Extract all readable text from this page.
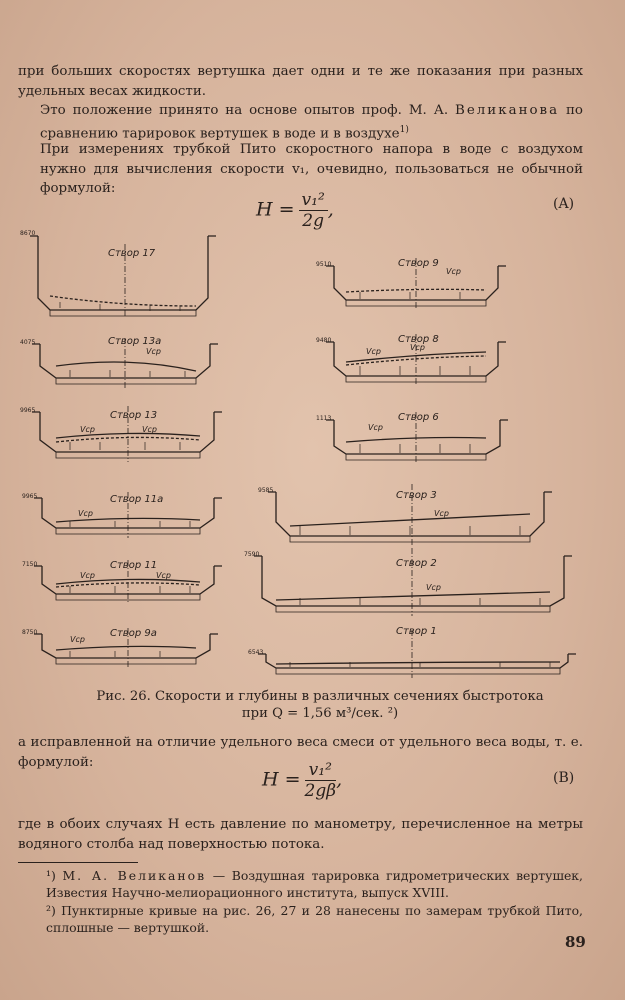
при больших скоростях вертушка дает одни и те же показания при разных удельных весах жидкости.
Это положение принято на основе опытов проф. М. А. Великанова по сравнению тарировок вертушек в воде и в воздухе$^{1)}$
При измерениях трубкой Пито скоростного напора в воде с воздухом нужно для вычисления скорости v₁, очевидно, пользоваться не обычной формулой:
$H = \frac{\text{v₁²}}{2g}$ ,	(A)
Створ 17
Створ 13а
Створ 13
Створ 11а
Створ 11
Створ 9а
Створ 9
Створ 8
Створ 6
Створ 3
Створ 2
Створ 1
Vср
Vср	Vср
Vср
Vср	Vср
Vср
Vср
Vср	Vср
Vср
Vср
Vср
8670
4075
9965
9965
7150
8750
9510
9480
1113
9585
7590
6543
Рис. 26. Скорости и глубины в различных сечениях быстротока
при Q = 1,56 м³/сек. ²)
а исправленной на отличие удельного веса смеси от удельного веса воды, т. е. формулой:
$H = \frac{\text{v₁²}}{2g\beta}$ ,	(B)
где в обоих случаях H есть давление по манометру, перечисленное на метры водяного столба над поверхностью потока.
¹) М. А. Великанов — Воздушная тарировка гидрометрических вертушек, Известия Научно-мелиорационного института, выпуск XVIII.
²) Пунктирные кривые на рис. 26, 27 и 28 нанесены по замерам трубкой Пито, сплошные — вертушкой.
89
